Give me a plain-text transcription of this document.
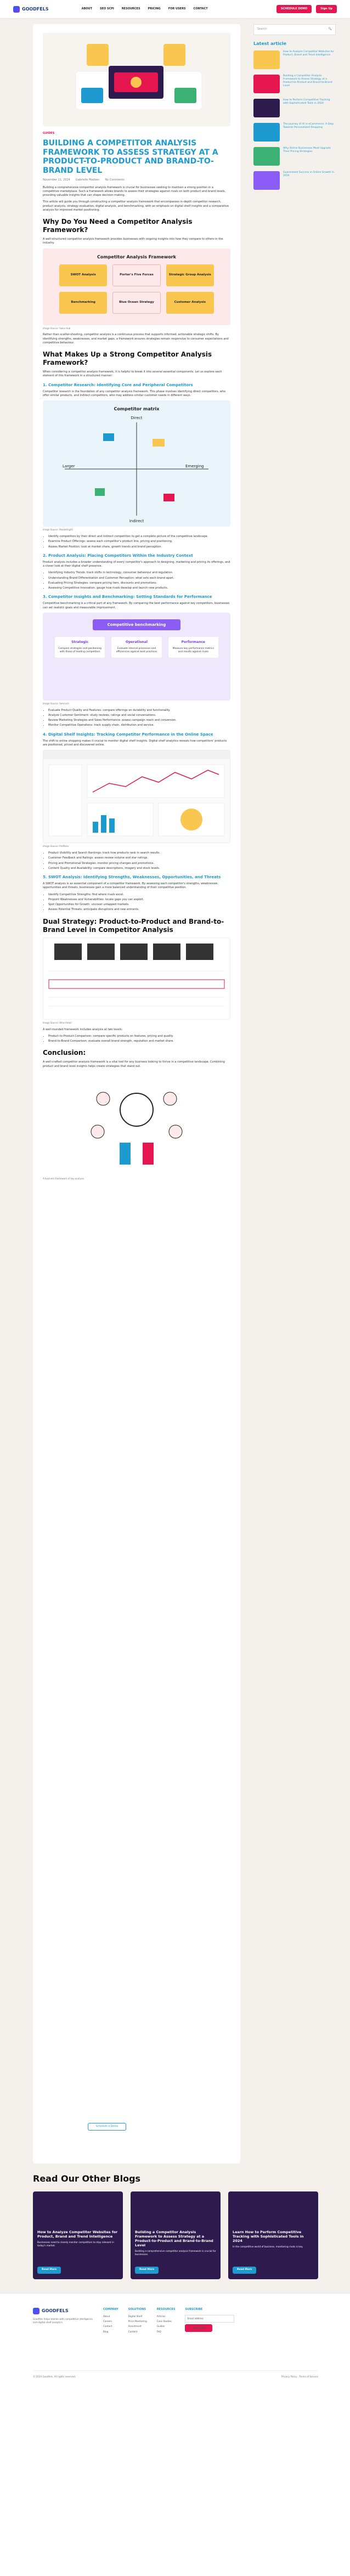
GOODFELS	ABOUT	SEO SCPI	RESOURCES	PRICING	FOR USERS	CONTACT	SCHEDULE DEMO	Sign Up
GUIDES
BUILDING A COMPETITOR ANALYSIS FRAMEWORK TO ASSESS STRATEGY AT A PRODUCT-TO-PRODUCT AND BRAND-TO-BRAND LEVEL
November 11, 2024 Gabrielle Madsen No Comments

Building a comprehensive competitor analysis framework is crucial for businesses seeking to maintain a strong position in a competitive marketplace. Such a framework allows brands to assess their strategies against rivals on both product and brand levels, providing valuable insights that can shape decision making.

This article will guide you through constructing a competitor analysis framework that encompasses in-depth competitor research, product analysis, strategy evaluation, digital analysis, and benchmarking, with an emphasis on digital shelf insights and a comparative analysis for improved market positioning.

Why Do You Need a Competitor Analysis Framework?

A well-structured competitor analysis framework provides businesses with ongoing insights into how they compare to others in the industry.

Competitor Analysis Framework
SWOT Analysis	Porter's Five Forces	Strategic Group Analysis
Benchmarking	Blue Ocean Strategy	Customer Analysis
Image Source: Sales Hub

Rather than scatter-shooting, competitor analysis is a continuous process that supports informed, actionable strategic shifts. By identifying strengths, weaknesses, and market gaps, a framework ensures strategies remain responsive to consumer expectations and competitive behaviour.

What Makes Up a Strong Competitor Analysis Framework?

When considering a competitor analysis framework, it is helpful to break it into several essential components. Let us explore each element of this framework in a structured manner:

1. Competitor Research: Identifying Core and Peripheral Competitors

Competitor research is the foundation of any competitor analysis framework. This phase involves identifying direct competitors, who offer similar products, and indirect competitors, who may address similar customer needs in different ways.

Competitor matrix
Direct
Indirect
Larger	Emerging
Image Source: Marketing91
• Identify competitors by their direct and indirect competition to get a complete picture of the competitive landscape.
• Examine Product Offerings: assess each competitor's product line, pricing and positioning.
• Assess Market Position: look at market share, growth trends and brand perception.
2. Product Analysis: Placing Competitors Within the Industry Context

Product analysis includes a broader understanding of every competitor's approach to designing, marketing and pricing its offerings, and a closer look at their digital shelf presence.

• Identifying Industry Trends: track shifts in technology, consumer behaviour and regulation.
• Understanding Brand Differentiation and Customer Perception: what sets each brand apart.
• Evaluating Pricing Strategies: compare pricing tiers, discounts and promotions.
• Assessing Competitive Innovation: gauge how rivals develop and launch new products.
3. Competitor Insights and Benchmarking: Setting Standards for Performance

Competitive benchmarking is a critical part of any framework. By comparing the best performance against key competitors, businesses can set realistic goals and measurable improvement.

Competitive benchmarking
Strategic
Compare strategies and positioning with those of leading competitors
Operational
Evaluate internal processes and efficiencies against best practices
Performance
Measure key performance metrics and results against rivals
Image Source: Semrush
• Evaluate Product Quality and Features: compare offerings on durability and functionality.
• Analyze Customer Sentiment: study reviews, ratings and social conversations.
• Review Marketing Strategies and Sales Performance: assess campaign reach and conversion.
• Monitor Competitive Operations: track supply chain, distribution and service.
4. Digital Shelf Insights: Tracking Competitor Performance in the Online Space

The shift to online shopping makes it crucial to monitor digital shelf insights. Digital shelf analytics reveals how competitors' products are positioned, priced and discovered online.

Image Source: Profitero
• Product Visibility and Search Rankings: track how products rank in search results.
• Customer Feedback and Ratings: assess review volume and star ratings.
• Pricing and Promotional Strategies: monitor pricing changes and promotions.
• Content Quality and Availability: compare descriptions, imagery and stock levels.
5. SWOT Analysis: Identifying Strengths, Weaknesses, Opportunities, and Threats

A SWOT analysis is an essential component of a competitor framework. By assessing each competitor's strengths, weaknesses, opportunities and threats, businesses gain a more balanced understanding of their competitive position.

• Identify Competitive Strengths: find where rivals excel.
• Pinpoint Weaknesses and Vulnerabilities: locate gaps you can exploit.
• Spot Opportunities for Growth: uncover untapped markets.
• Assess Potential Threats: anticipate disruptions and new entrants.
Dual Strategy: Product-to-Product and Brand-to-Brand Level in Competitor Analysis
Image Source: Atlas Retail

A well-rounded framework includes analysis at two levels:

• Product-to-Product Comparison: compare specific products on features, pricing and quality.
• Brand-to-Brand Comparison: evaluate overall brand strength, reputation and market share.
Conclusion:

A well-crafted competitor analysis framework is a vital tool for any business looking to thrive in a competitive landscape. Combining product and brand level insights helps create strategies that stand out.

A business framework of key analysis
Schedule a Demo
Search	🔍
Latest article
How to Analyze Competitor Websites for Product, Brand and Trend Intelligence
Building a Competitor Analysis Framework to Assess Strategy at a Product-to-Product and Brand-to-Brand Level
How to Perform Competitive Tracking with Sophisticated Tools in 2024
The Journey of AI in eCommerce: A Step Towards Personalized Shopping
Why Online Businesses Must Upgrade Their Pricing Strategies
Guaranteed Success in Online Growth in 2024
Read Our Other Blogs
How to Analyze Competitor Websites for Product, Brand and Trend Intelligence
Businesses need to closely monitor competitors to stay relevant in today's market.
Read More
Building a Competitor Analysis Framework to Assess Strategy at a Product-to-Product and Brand-to-Brand Level
Building a comprehensive competitor analysis framework is crucial for businesses.
Read More
Learn How to Perform Competitive Tracking with Sophisticated Tools in 2024
In the competitive world of business, monitoring rivals is key.
Read More
GOODFELS

Goodfels helps brands with competitive intelligence and digital shelf analytics.

COMPANY
About
Careers
Contact
Blog
SOLUTIONS
Digital Shelf
Price Monitoring
Assortment
Content
RESOURCES
Articles
Case Studies
Guides
FAQ
SUBSCRIBE
Email address
Subscribe
© 2024 Goodfels. All rights reserved.	Privacy Policy · Terms of Service
